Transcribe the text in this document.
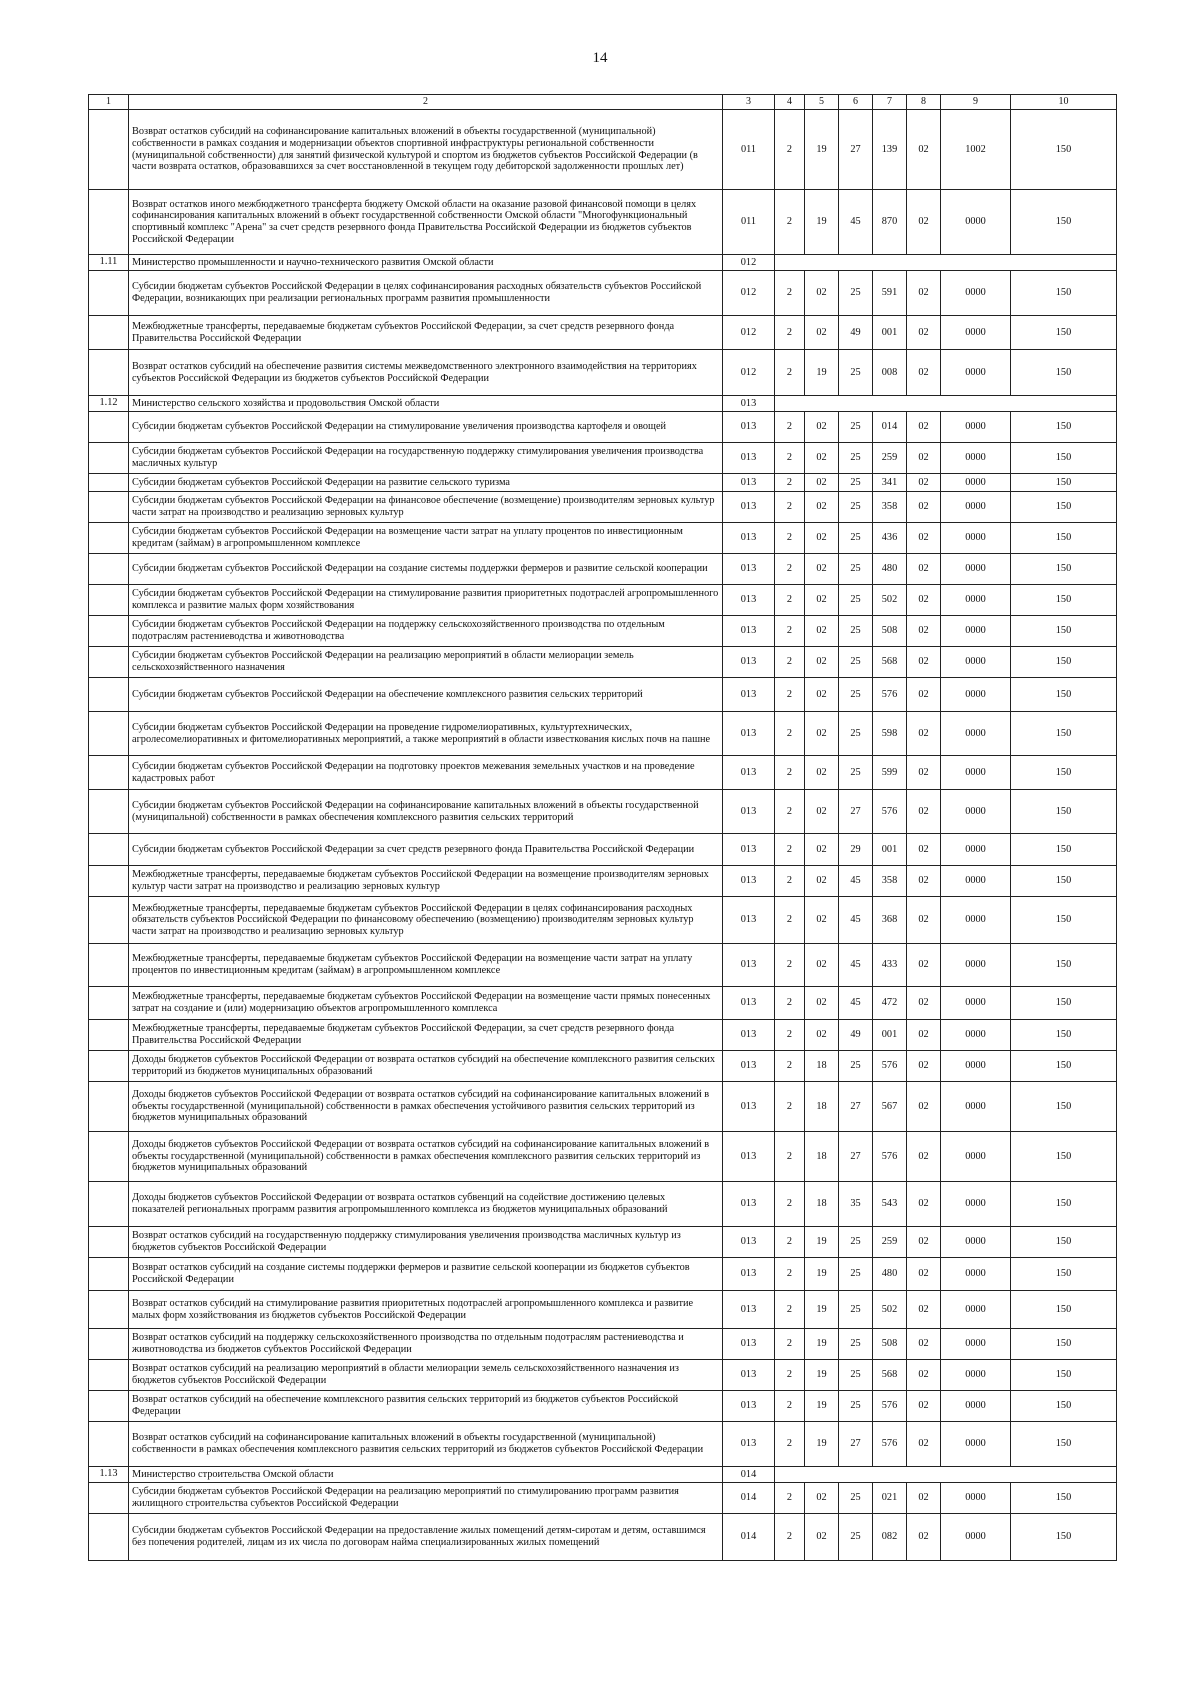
14
1	2	3	4	5	6	7	8	9	10
	Возврат остатков субсидий на софинансирование капитальных вложений в объекты государственной (муниципальной) собственности в рамках создания и модернизации объектов спортивной инфраструктуры региональной собственности (муниципальной собственности) для занятий физической культурой и спортом из бюджетов субъектов Российской Федерации (в части возврата остатков, образовавшихся за счет восстановленной в текущем году дебиторской задолженности прошлых лет)	011	2	19	27	139	02	1002	150
	Возврат остатков иного межбюджетного трансферта бюджету Омской области на оказание разовой финансовой помощи в целях софинансирования капитальных вложений в объект государственной собственности Омской области "Многофункциональный спортивный комплекс "Арена" за счет средств резервного фонда Правительства Российской Федерации из бюджетов субъектов Российской Федерации	011	2	19	45	870	02	0000	150
1.11	Министерство промышленности и научно-технического развития Омской области	012							
	Субсидии бюджетам субъектов Российской Федерации в целях софинансирования расходных обязательств субъектов Российской Федерации, возникающих при реализации региональных программ развития промышленности	012	2	02	25	591	02	0000	150
	Межбюджетные трансферты, передаваемые бюджетам субъектов Российской Федерации, за счет средств резервного фонда Правительства Российской Федерации	012	2	02	49	001	02	0000	150
	Возврат остатков субсидий на обеспечение развития системы межведомственного электронного взаимодействия на территориях субъектов Российской Федерации из бюджетов субъектов Российской Федерации	012	2	19	25	008	02	0000	150
1.12	Министерство сельского хозяйства и продовольствия Омской области	013							
	Субсидии бюджетам субъектов Российской Федерации на стимулирование увеличения производства картофеля и овощей	013	2	02	25	014	02	0000	150
	Субсидии бюджетам субъектов Российской Федерации на государственную поддержку стимулирования увеличения производства масличных культур	013	2	02	25	259	02	0000	150
	Субсидии бюджетам субъектов Российской Федерации на развитие сельского туризма	013	2	02	25	341	02	0000	150
	Субсидии бюджетам субъектов Российской Федерации на финансовое обеспечение (возмещение) производителям зерновых культур части затрат на производство и реализацию зерновых культур	013	2	02	25	358	02	0000	150
	Субсидии бюджетам субъектов Российской Федерации на возмещение части затрат на уплату процентов по инвестиционным кредитам (займам) в агропромышленном комплексе	013	2	02	25	436	02	0000	150
	Субсидии бюджетам субъектов Российской Федерации на создание системы поддержки фермеров и развитие сельской кооперации	013	2	02	25	480	02	0000	150
	Субсидии бюджетам субъектов Российской Федерации на стимулирование развития приоритетных подотраслей агропромышленного комплекса и развитие малых форм хозяйствования	013	2	02	25	502	02	0000	150
	Субсидии бюджетам субъектов Российской Федерации на поддержку сельскохозяйственного производства по отдельным подотраслям растениеводства и животноводства	013	2	02	25	508	02	0000	150
	Субсидии бюджетам субъектов Российской Федерации на реализацию мероприятий в области мелиорации земель сельскохозяйственного назначения	013	2	02	25	568	02	0000	150
	Субсидии бюджетам субъектов Российской Федерации на обеспечение комплексного развития сельских территорий	013	2	02	25	576	02	0000	150
	Субсидии бюджетам субъектов Российской Федерации на проведение гидромелиоративных, культуртехнических, агролесомелиоративных и фитомелиоративных мероприятий, а также мероприятий в области известкования кислых почв на пашне	013	2	02	25	598	02	0000	150
	Субсидии бюджетам субъектов Российской Федерации на подготовку проектов межевания земельных участков и на проведение кадастровых работ	013	2	02	25	599	02	0000	150
	Субсидии бюджетам субъектов Российской Федерации на софинансирование капитальных вложений в объекты государственной (муниципальной) собственности в рамках обеспечения комплексного развития сельских территорий	013	2	02	27	576	02	0000	150
	Субсидии бюджетам субъектов Российской Федерации за счет средств резервного фонда Правительства Российской Федерации	013	2	02	29	001	02	0000	150
	Межбюджетные трансферты, передаваемые бюджетам субъектов Российской Федерации на возмещение производителям зерновых культур части затрат на производство и реализацию зерновых культур	013	2	02	45	358	02	0000	150
	Межбюджетные трансферты, передаваемые бюджетам субъектов Российской Федерации в целях софинансирования расходных обязательств субъектов Российской Федерации по финансовому обеспечению (возмещению) производителям зерновых культур части затрат на производство и реализацию зерновых культур	013	2	02	45	368	02	0000	150
	Межбюджетные трансферты, передаваемые бюджетам субъектов Российской Федерации на возмещение части затрат на уплату процентов по инвестиционным кредитам (займам) в агропромышленном комплексе	013	2	02	45	433	02	0000	150
	Межбюджетные трансферты, передаваемые бюджетам субъектов Российской Федерации на возмещение части прямых понесенных затрат на создание и (или) модернизацию объектов агропромышленного комплекса	013	2	02	45	472	02	0000	150
	Межбюджетные трансферты, передаваемые бюджетам субъектов Российской Федерации, за счет средств резервного фонда Правительства Российской Федерации	013	2	02	49	001	02	0000	150
	Доходы бюджетов субъектов Российской Федерации от возврата остатков субсидий на обеспечение комплексного развития сельских территорий из бюджетов муниципальных образований	013	2	18	25	576	02	0000	150
	Доходы бюджетов субъектов Российской Федерации от возврата остатков субсидий на софинансирование капитальных вложений в объекты государственной (муниципальной) собственности в рамках обеспечения устойчивого развития сельских территорий из бюджетов муниципальных образований	013	2	18	27	567	02	0000	150
	Доходы бюджетов субъектов Российской Федерации от возврата остатков субсидий на софинансирование капитальных вложений в объекты государственной (муниципальной) собственности в рамках обеспечения комплексного развития сельских территорий из бюджетов муниципальных образований	013	2	18	27	576	02	0000	150
	Доходы бюджетов субъектов Российской Федерации от возврата остатков субвенций на содействие достижению целевых показателей региональных программ развития агропромышленного комплекса из бюджетов муниципальных образований	013	2	18	35	543	02	0000	150
	Возврат остатков субсидий на государственную поддержку стимулирования увеличения производства масличных культур из бюджетов субъектов Российской Федерации	013	2	19	25	259	02	0000	150
	Возврат остатков субсидий на создание системы поддержки фермеров и развитие сельской кооперации из бюджетов субъектов Российской Федерации	013	2	19	25	480	02	0000	150
	Возврат остатков субсидий на стимулирование развития приоритетных подотраслей агропромышленного комплекса и развитие малых форм хозяйствования из бюджетов субъектов Российской Федерации	013	2	19	25	502	02	0000	150
	Возврат остатков субсидий на поддержку сельскохозяйственного производства по отдельным подотраслям растениеводства и животноводства из бюджетов субъектов Российской Федерации	013	2	19	25	508	02	0000	150
	Возврат остатков субсидий на реализацию мероприятий в области мелиорации земель сельскохозяйственного назначения из бюджетов субъектов Российской Федерации	013	2	19	25	568	02	0000	150
	Возврат остатков субсидий на обеспечение комплексного развития сельских территорий из бюджетов субъектов Российской Федерации	013	2	19	25	576	02	0000	150
	Возврат остатков субсидий на софинансирование капитальных вложений в объекты государственной (муниципальной) собственности в рамках обеспечения комплексного развития сельских территорий из бюджетов субъектов Российской Федерации	013	2	19	27	576	02	0000	150
1.13	Министерство строительства Омской области	014							
	Субсидии бюджетам субъектов Российской Федерации на реализацию мероприятий по стимулированию программ развития жилищного строительства субъектов Российской Федерации	014	2	02	25	021	02	0000	150
	Субсидии бюджетам субъектов Российской Федерации на предоставление жилых помещений детям-сиротам и детям, оставшимся без попечения родителей, лицам из их числа по договорам найма специализированных жилых помещений	014	2	02	25	082	02	0000	150
